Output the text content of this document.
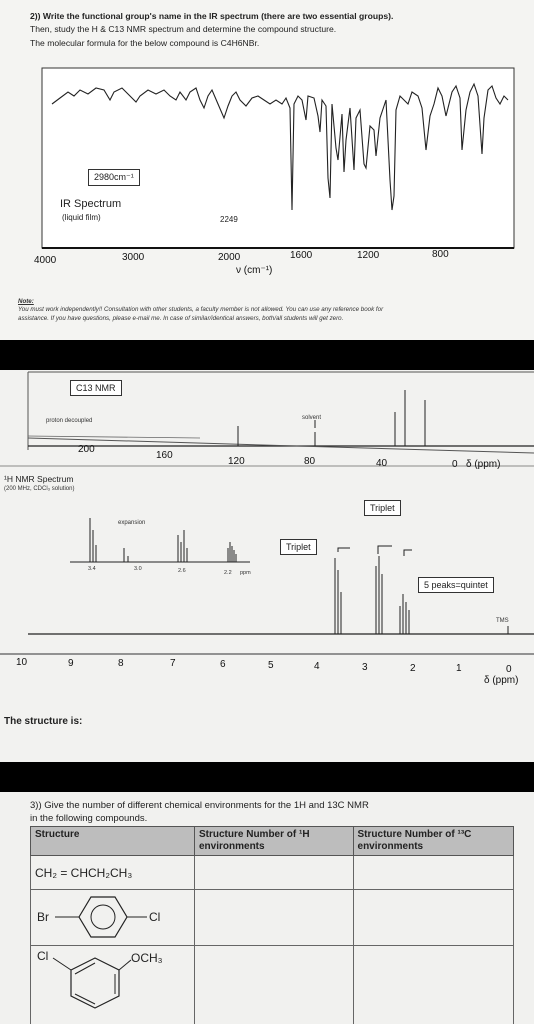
2)) Write the functional group's name in the IR spectrum (there are two essential groups).
Then, study the H & C13 NMR spectrum and determine the compound structure.
The molecular formula for the below compound is C4H6NBr.
2980cm⁻¹
IR Spectrum
(liquid film)	2249
4000	3000	2000	1600	1200	800
ν (cm⁻¹)
Note:
You must work independently!! Consultation with other students, a faculty member is not allowed. You can use any reference book for
assistance. If you have questions, please e-mail me. In case of similar/identical answers, both/all students will get zero.
C13 NMR
proton decoupled	solvent
200
160
120	80	40	0 δ (ppm)
¹H NMR Spectrum
(200 MHz, CDCl₃ solution)
expansion
3.4	3.0	2.6	2.2 ppm
Triplet
Triplet
5 peaks=quintet
TMS
10	9	8	7	6	5	4	3	2	1	0
δ (ppm)
The structure is:
3)) Give the number of different chemical environments for the 1H and 13C NMR
in the following compounds.
Structure	Structure Number of ¹H environments	Structure Number of ¹³C environments
CH₂ = CHCH₂CH₃		

Br Cl		

Cl OCH₃		
